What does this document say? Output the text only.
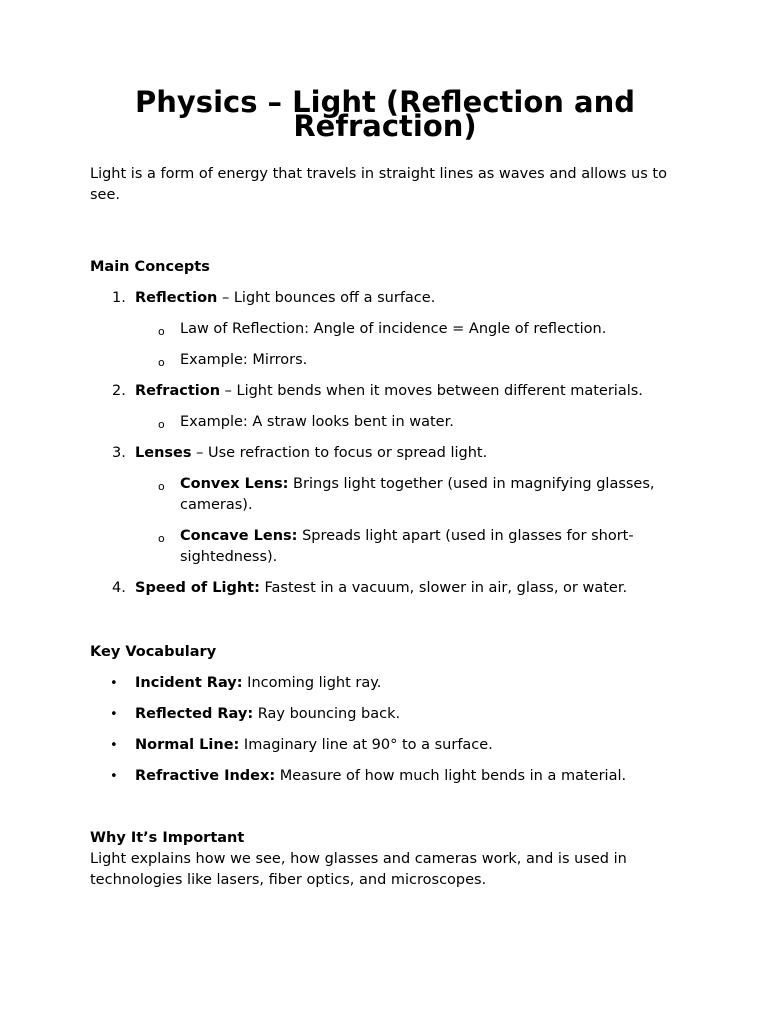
Physics – Light (Reflection and Refraction)

Light is a form of energy that travels in straight lines as waves and allows us to see.

Main Concepts
1. Reflection – Light bounces off a surface.
o Law of Reflection: Angle of incidence = Angle of reflection.
o Example: Mirrors.
2. Refraction – Light bends when it moves between different materials.
o Example: A straw looks bent in water.
3. Lenses – Use refraction to focus or spread light.
o Convex Lens: Brings light together (used in magnifying glasses, cameras).
o Concave Lens: Spreads light apart (used in glasses for short-sightedness).
4. Speed of Light: Fastest in a vacuum, slower in air, glass, or water.
Key Vocabulary
• Incident Ray: Incoming light ray.
• Reflected Ray: Ray bouncing back.
• Normal Line: Imaginary line at 90° to a surface.
• Refractive Index: Measure of how much light bends in a material.
Why It’s Important

Light explains how we see, how glasses and cameras work, and is used in technologies like lasers, fiber optics, and microscopes.
